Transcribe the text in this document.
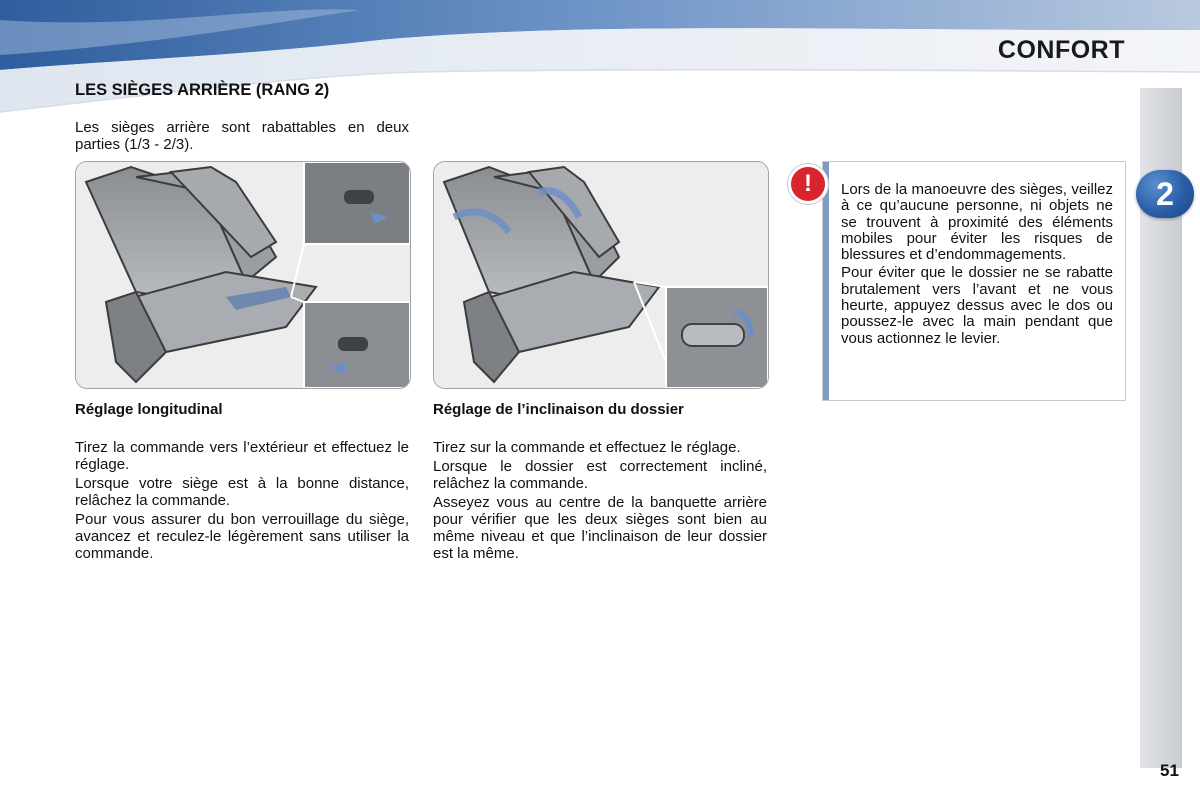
CONFORT
2
LES SIÈGES ARRIÈRE (RANG 2)

Les sièges arrière sont rabattables en deux parties (1/3 - 2/3).

Réglage longitudinal	Réglage de l’inclinaison du dossier

Tirez la commande vers l’extérieur et effectuez le réglage.

Lorsque votre siège est à la bonne distance, relâchez la commande.

Pour vous assurer du bon verrouillage du siège, avancez et reculez-le légèrement sans utiliser la commande.

Tirez sur la commande et effectuez le réglage.

Lorsque le dossier est correctement incliné, relâchez la commande.

Asseyez vous au centre de la banquette arrière pour vérifier que les deux sièges sont bien au même niveau et que l’inclinaison de leur dossier est la même.

!	Lors de la manoeuvre des sièges, veillez à ce qu’aucune personne, ni objets ne se trouvent à proximité des éléments mobiles pour éviter les risques de blessures et d’endommagements.

Pour éviter que le dossier ne se rabatte brutalement vers l’avant et ne vous heurte, appuyez dessus avec le dos ou poussez-le avec la main pendant que vous actionnez le levier.

51
